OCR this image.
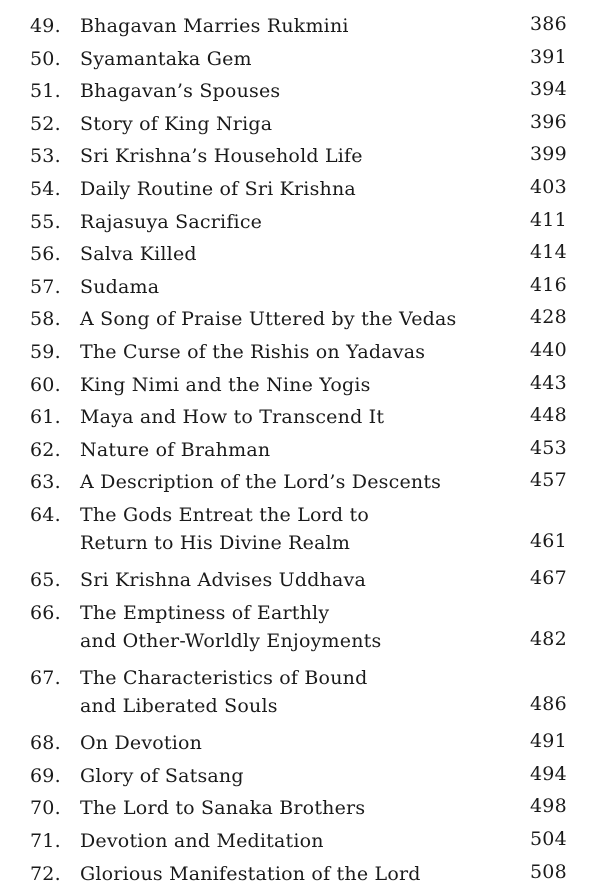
49. Bhagavan Marries Rukmini	386
50. Syamantaka Gem	391
51. Bhagavan’s Spouses	394
52. Story of King Nriga	396
53. Sri Krishna’s Household Life	399
54. Daily Routine of Sri Krishna	403
55. Rajasuya Sacrifice	411
56. Salva Killed	414
57. Sudama	416
58. A Song of Praise Uttered by the Vedas	428
59. The Curse of the Rishis on Yadavas	440
60. King Nimi and the Nine Yogis	443
61. Maya and How to Transcend It	448
62. Nature of Brahman	453
63. A Description of the Lord’s Descents	457
64. The Gods Entreat the Lord to
Return to His Divine Realm	461
65. Sri Krishna Advises Uddhava	467
66. The Emptiness of Earthly
and Other-Worldly Enjoyments	482
67. The Characteristics of Bound
and Liberated Souls	486
68. On Devotion	491
69. Glory of Satsang	494
70. The Lord to Sanaka Brothers	498
71. Devotion and Meditation	504
72. Glorious Manifestation of the Lord	508
